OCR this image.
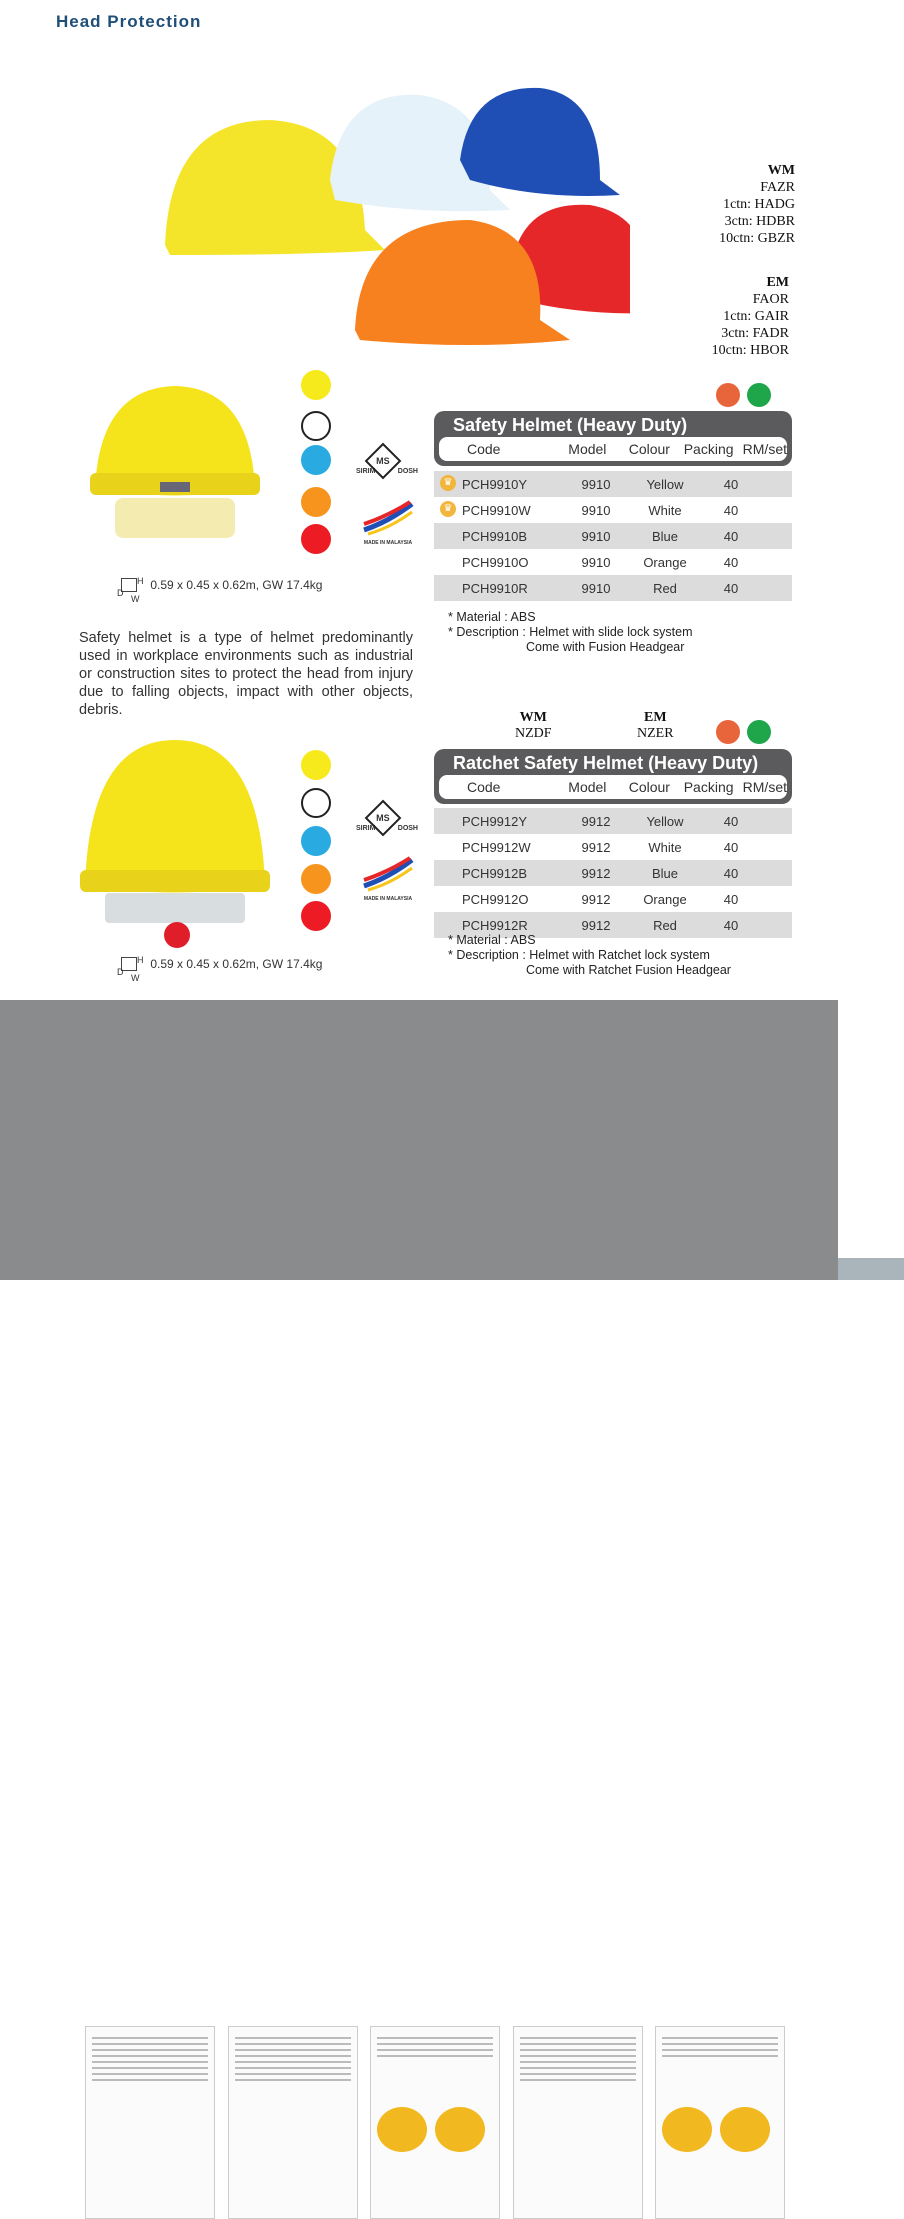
Head Protection
WM
FAZR
1ctn: HADG
3ctn: HDBR
10ctn: GBZR
EM
FAOR
1ctn: GAIR
3ctn: FADR
10ctn: HBOR
MS
SIRIM	DOSH
MADE IN MALAYSIA
D
H
W
0.59 x 0.45 x 0.62m, GW 17.4kg
Safety Helmet (Heavy Duty)
Code	Model	Colour Packing RM/set
♛ PCH9910Y	9910	Yellow	40
♛ PCH9910W	9910	White	40
PCH9910B	9910	Blue	40
PCH9910O	9910	Orange	40
PCH9910R	9910	Red	40
* Material : ABS
* Description : Helmet with slide lock system
Come with Fusion Headgear
Safety helmet is a type of helmet predominantly used in workplace environments such as industrial or construction sites to protect the head from injury due to falling objects, impact with other objects, debris.	WM
NZDF
EM
NZER
MS
SIRIM	DOSH
MADE IN MALAYSIA
D
H
W
0.59 x 0.45 x 0.62m, GW 17.4kg
Ratchet Safety Helmet (Heavy Duty)
Code	Model	Colour Packing RM/set
PCH9912Y	9912	Yellow	40
PCH9912W	9912	White	40
PCH9912B	9912	Blue	40
PCH9912O	9912	Orange	40
PCH9912R	9912	Red	40
* Material : ABS
* Description : Helmet with Ratchet lock system
Come with Ratchet Fusion Headgear
